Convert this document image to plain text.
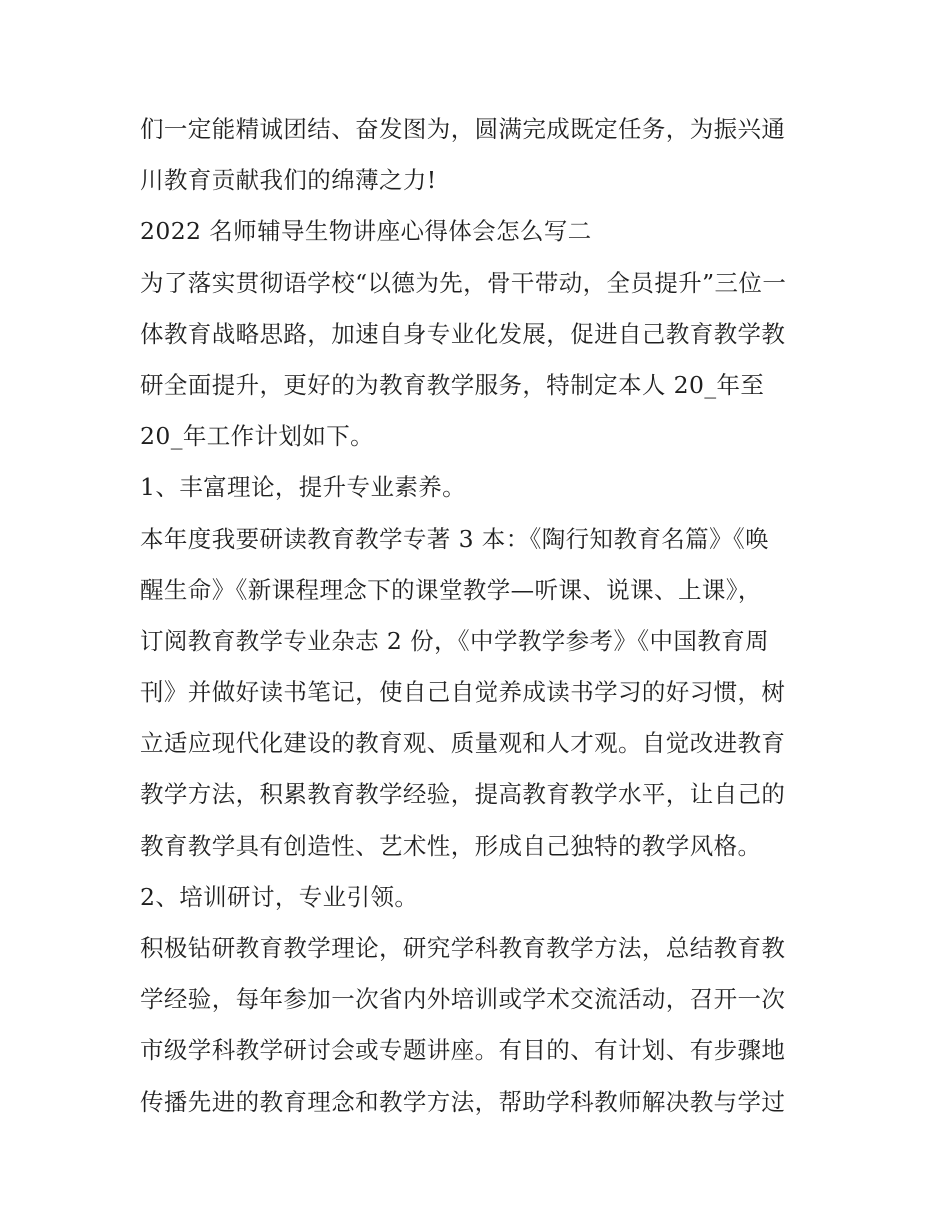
们一定能精诚团结、奋发图为，圆满完成既定任务，为振兴通
川教育贡献我们的绵薄之力!
2022 名师辅导生物讲座心得体会怎么写二
为了落实贯彻语学校“以德为先，骨干带动，全员提升”三位一
体教育战略思路，加速自身专业化发展，促进自己教育教学教
研全面提升，更好的为教育教学服务，特制定本人 20_年至
20_年工作计划如下。
1、丰富理论，提升专业素养。
本年度我要研读教育教学专著 3 本：《陶行知教育名篇》《唤
醒生命》《新课程理念下的课堂教学—听课、说课、上课》，
订阅教育教学专业杂志 2 份，《中学教学参考》《中国教育周
刊》并做好读书笔记，使自己自觉养成读书学习的好习惯，树
立适应现代化建设的教育观、质量观和人才观。自觉改进教育
教学方法，积累教育教学经验，提高教育教学水平，让自己的
教育教学具有创造性、艺术性，形成自己独特的教学风格。
2、培训研讨，专业引领。
积极钻研教育教学理论，研究学科教育教学方法，总结教育教
学经验，每年参加一次省内外培训或学术交流活动，召开一次
市级学科教学研讨会或专题讲座。有目的、有计划、有步骤地
传播先进的教育理念和教学方法，帮助学科教师解决教与学过
